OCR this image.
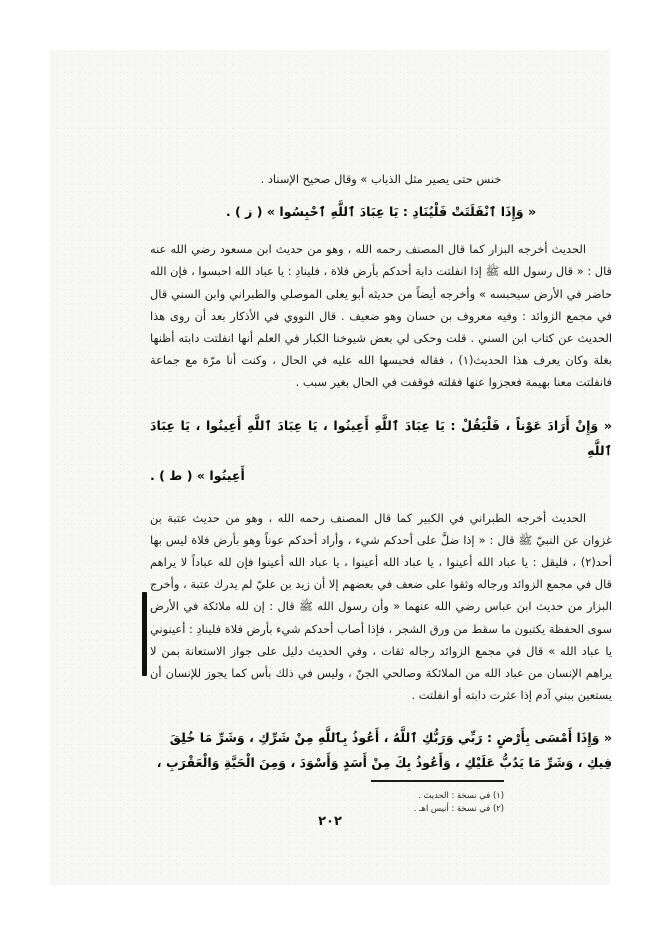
خنس حتى يصير مثل الذباب » وقال صحيح الإسناد .
« وَإِذَا ٱنْفَلَتَتْ فَلْيُنَادِ : يَا عِبَادَ ٱللَّهِ ٱحْبِسُوا » ( ز ) .

الحديث أخرجه البزار كما قال المصنف رحمه الله ، وهو من حديث ابن مسعود رضي الله عنه قال : « قال رسول الله ﷺ إذا انفلتت دابة أحدكم بأرض فلاة ، فلينادِ : يا عباد الله احبسوا ، فإن الله حاضر في الأرض سيحبسه » وأخرجه أيضاً من حديثه أبو يعلى الموصلي والطبراني وابن السني قال في مجمع الزوائد : وفيه معروف بن حسان وهو ضعيف . قال النووي في الأذكار بعد أن روى هذا الحديث عن كتاب ابن السني . قلت وحكى لي بعض شيوخنا الكبار في العلم أنها انفلتت دابته أظنها بغلة وكان يعرف هذا الحديث(١) ، فقاله فحبسها الله عليه في الحال ، وكنت أنا مرّة مع جماعة فانفلتت معنا بهيمة فعجزوا عنها فقلته فوقفت في الحال بغير سبب .

« وَإِنْ أَرَادَ عَوْناً ، فَلْيَقُلْ : يَا عِبَادَ ٱللَّهِ أَعِينُوا ، يَا عِبَادَ ٱللَّهِ أَعِينُوا ، يَا عِبَادَ ٱللَّهِ
أَعِينُوا » ( ط ) .

الحديث أخرجه الطبراني في الكبير كما قال المصنف رحمه الله ، وهو من حديث عتبة بن غزوان عن النبيّ ﷺ قال : « إذا ضلَّ على أحدكم شيء ، وأراد أحدكم عوناً وهو بأرض فلاة ليس بها أحد(٢) ، فليقل : يا عباد الله أعينوا ، يا عباد الله أعينوا ، يا عباد الله أعينوا فإن لله عباداً لا يراهم قال في مجمع الزوائد ورجاله وثقوا على ضعف في بعضهم إلا أن زيد بن عليّ لم يدرك عتبة ، وأخرج البزار من حديث ابن عباس رضي الله عنهما « وأن رسول الله ﷺ قال : إن لله ملائكة في الأرض سوى الحفظة يكتبون ما سقط من ورق الشجر ، فإذا أصاب أحدكم شيء بأرض فلاة فلينادِ : أعينوني يا عباد الله » قال في مجمع الزوائد رجاله ثقات ، وفي الحديث دليل على جواز الاستعانة بمن لا يراهم الإنسان من عباد الله من الملائكة وصالحي الجنّ ، وليس في ذلك بأس كما يجوز للإنسان أن يستعين ببني آدم إذا عثرت دابته أو انفلتت .

« وَإِذَا أَمْسَى بِأَرْضٍ : رَبِّي وَرَبُّكِ ٱللَّهُ ، أَعُوذُ بِٱللَّهِ مِنْ شَرِّكِ ، وَشَرِّ مَا خُلِقَ
فِيكِ ، وَشَرِّ مَا يَدُبُّ عَلَيْكِ ، وَأَعُوذُ بِكَ مِنْ أَسَدٍ وَأَسْوَدَ ، وَمِنَ الْحَيَّةِ وَالْعَقْرَبِ ،

(١) في نسخة : الحديث .

(٢) في نسخة : أنيس اهـ .

٢٠٢
